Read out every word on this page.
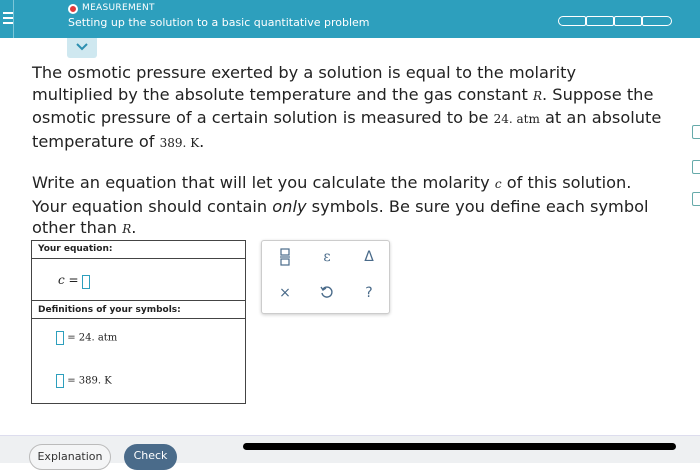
MEASUREMENT
Setting up the solution to a basic quantitative problem
The osmotic pressure exerted by a solution is equal to the molarity multiplied by the absolute temperature and the gas constant R. Suppose the osmotic pressure of a certain solution is measured to be 24. atm at an absolute temperature of 389. K.
Write an equation that will let you calculate the molarity c of this solution. Your equation should contain only symbols. Be sure you define each symbol other than R.
Your equation:
c =
Definitions of your symbols:
= 24. atm
= 389. K
ε	Δ
×	?
Explanation	Check
